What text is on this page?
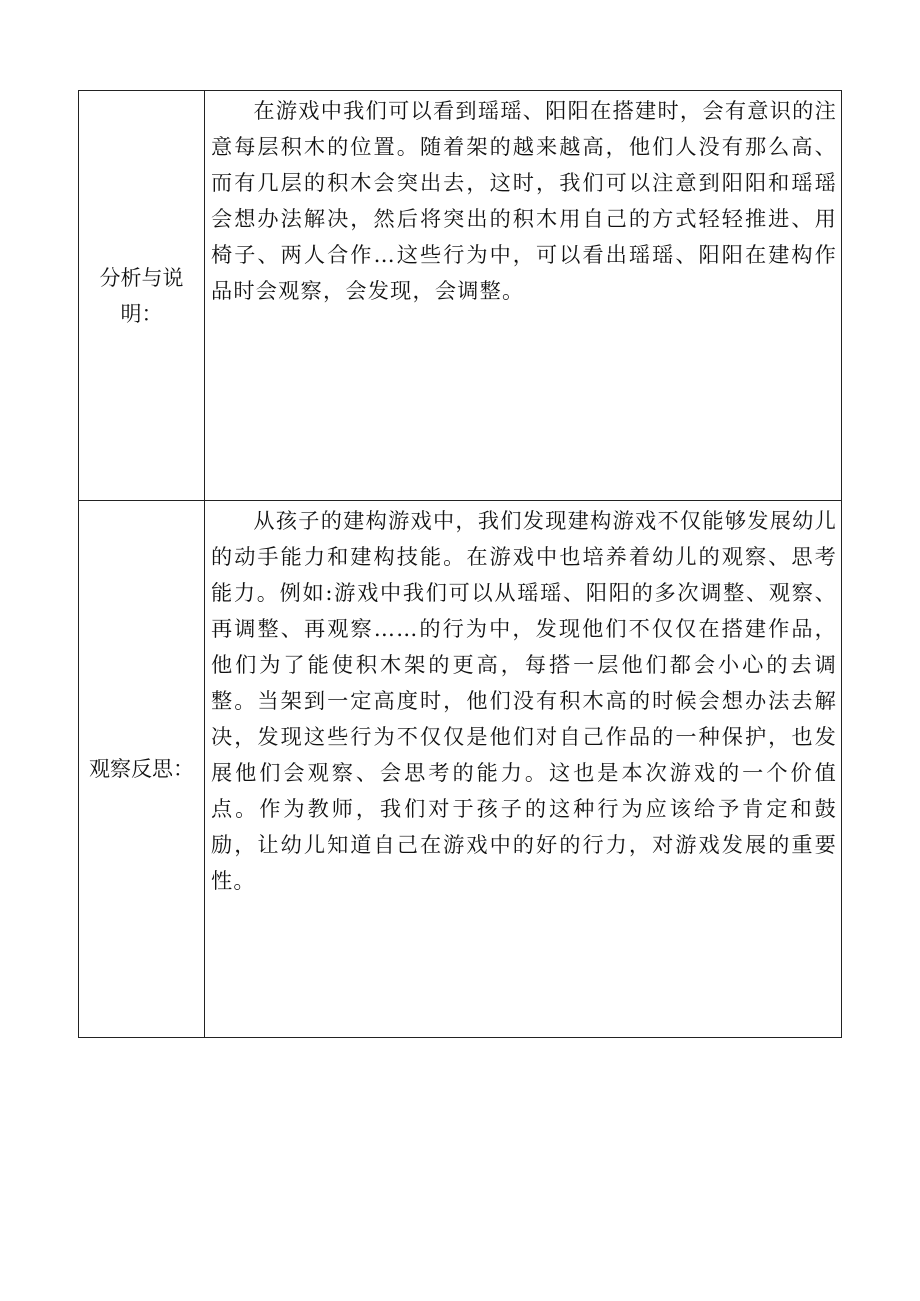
分析与说明：	在游戏中我们可以看到瑶瑶、阳阳在搭建时，会有意识的注意每层积木的位置。随着架的越来越高，他们人没有那么高、而有几层的积木会突出去，这时，我们可以注意到阳阳和瑶瑶会想办法解决，然后将突出的积木用自己的方式轻轻推进、用椅子、两人合作…这些行为中，可以看出瑶瑶、阳阳在建构作品时会观察，会发现，会调整。

观察反思：	从孩子的建构游戏中，我们发现建构游戏不仅能够发展幼儿的动手能力和建构技能。在游戏中也培养着幼儿的观察、思考能力。例如:游戏中我们可以从瑶瑶、阳阳的多次调整、观察、再调整、再观察……的行为中，发现他们不仅仅在搭建作品，他们为了能使积木架的更高，每搭一层他们都会小心的去调整。当架到一定高度时，他们没有积木高的时候会想办法去解决，发现这些行为不仅仅是他们对自己作品的一种保护，也发展他们会观察、会思考的能力。这也是本次游戏的一个价值点。作为教师，我们对于孩子的这种行为应该给予肯定和鼓励，让幼儿知道自己在游戏中的好的行力，对游戏发展的重要性。
